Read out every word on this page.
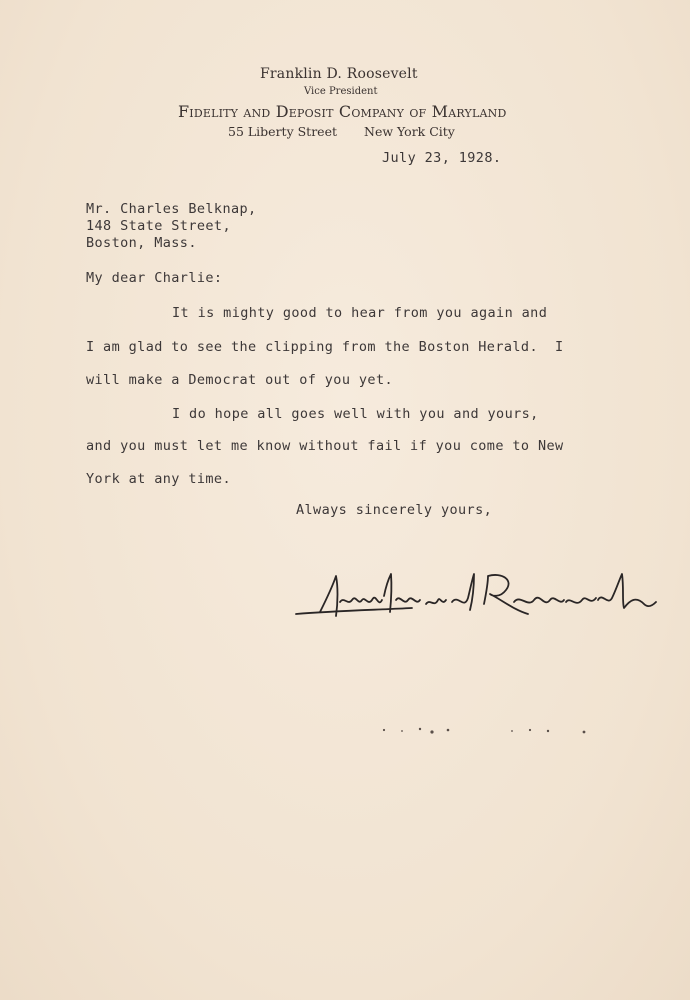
Franklin D. Roosevelt
Vice President
Fidelity and Deposit Company of Maryland
55 Liberty Street New York City
July 23, 1928.
Mr. Charles Belknap,
148 State Street,
Boston, Mass.
My dear Charlie:
It is mighty good to hear from you again and
I am glad to see the clipping from the Boston Herald.  I
will make a Democrat out of you yet.
I do hope all goes well with you and yours,
and you must let me know without fail if you come to New
York at any time.
Always sincerely yours,
